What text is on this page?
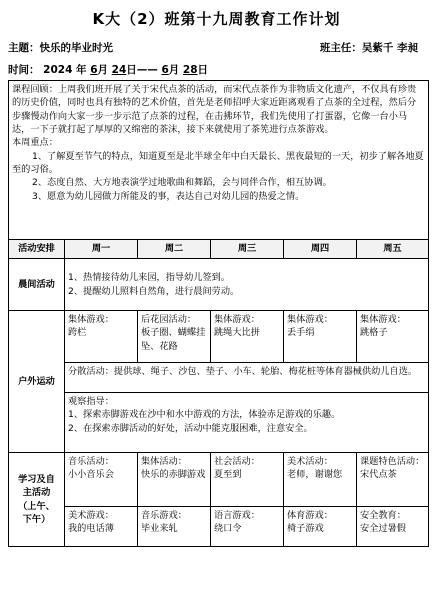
K大（2）班第十九周教育工作计划
主题：快乐的毕业时光	班主任：吴紫千 李昶
时间： 2024 年 6月 24日—— 6月 28日

课程回顾：上周我们班开展了关于宋代点茶的活动，而宋代点茶作为非物质文化遗产，不仅具有珍贵的历史价值，同时也具有独特的艺术价值，首先是老师招呼大家近距离观看了点茶的全过程，然后分步骤慢动作向大家一步一步示范了点茶的过程，在击拂环节，我们先使用了打蛋器，它像一台小马达，一下子就打起了厚厚的又绵密的茶沫，接下来就使用了茶筅进行点茶游戏。

本周重点：

1、了解夏至节气的特点，知道夏至是北半球全年中白天最长、黑夜最短的一天，初步了解各地夏至的习俗。

2、态度自然、大方地表演学过地歌曲和舞蹈，会与同伴合作，相互协调。

3、愿意为幼儿园做力所能及的事，表达自己对幼儿园的热爱之情。					

活动安排	周一	周二	周三	周四	周五
晨间活动	1、热情接待幼儿来园，指导幼儿签到。
2、提醒幼儿照料自然角，进行晨间劳动。				

户外运动	集体游戏：
跨栏	后花园活动：
板子圈、蝴蝶挂坠、花路	集体游戏：
跳绳大比拼	集体游戏：
丢手绢	集体游戏：
跳格子

	分散活动：提供球、绳子、沙包、垫子、小车、轮胎、梅花桩等体育器械供幼儿自选。				

	观察指导：
1、探索赤脚游戏在沙中和水中游戏的方法，体验赤足游戏的乐趣。
2、在探索赤脚活动的好处，活动中能克服困难，注意安全。				

学习及自
主活动
（上午、
下午）	音乐活动：
小小音乐会	集体活动：
快乐的赤脚游戏	社会活动：
夏至到	美术活动：
老师，谢谢您	课题特色活动：
宋代点茶

	美术游戏：
我的电话薄	音乐游戏：
毕业来轧	语言游戏：
绕口令	体育游戏：
椅子游戏	安全教育：
安全过暑假
